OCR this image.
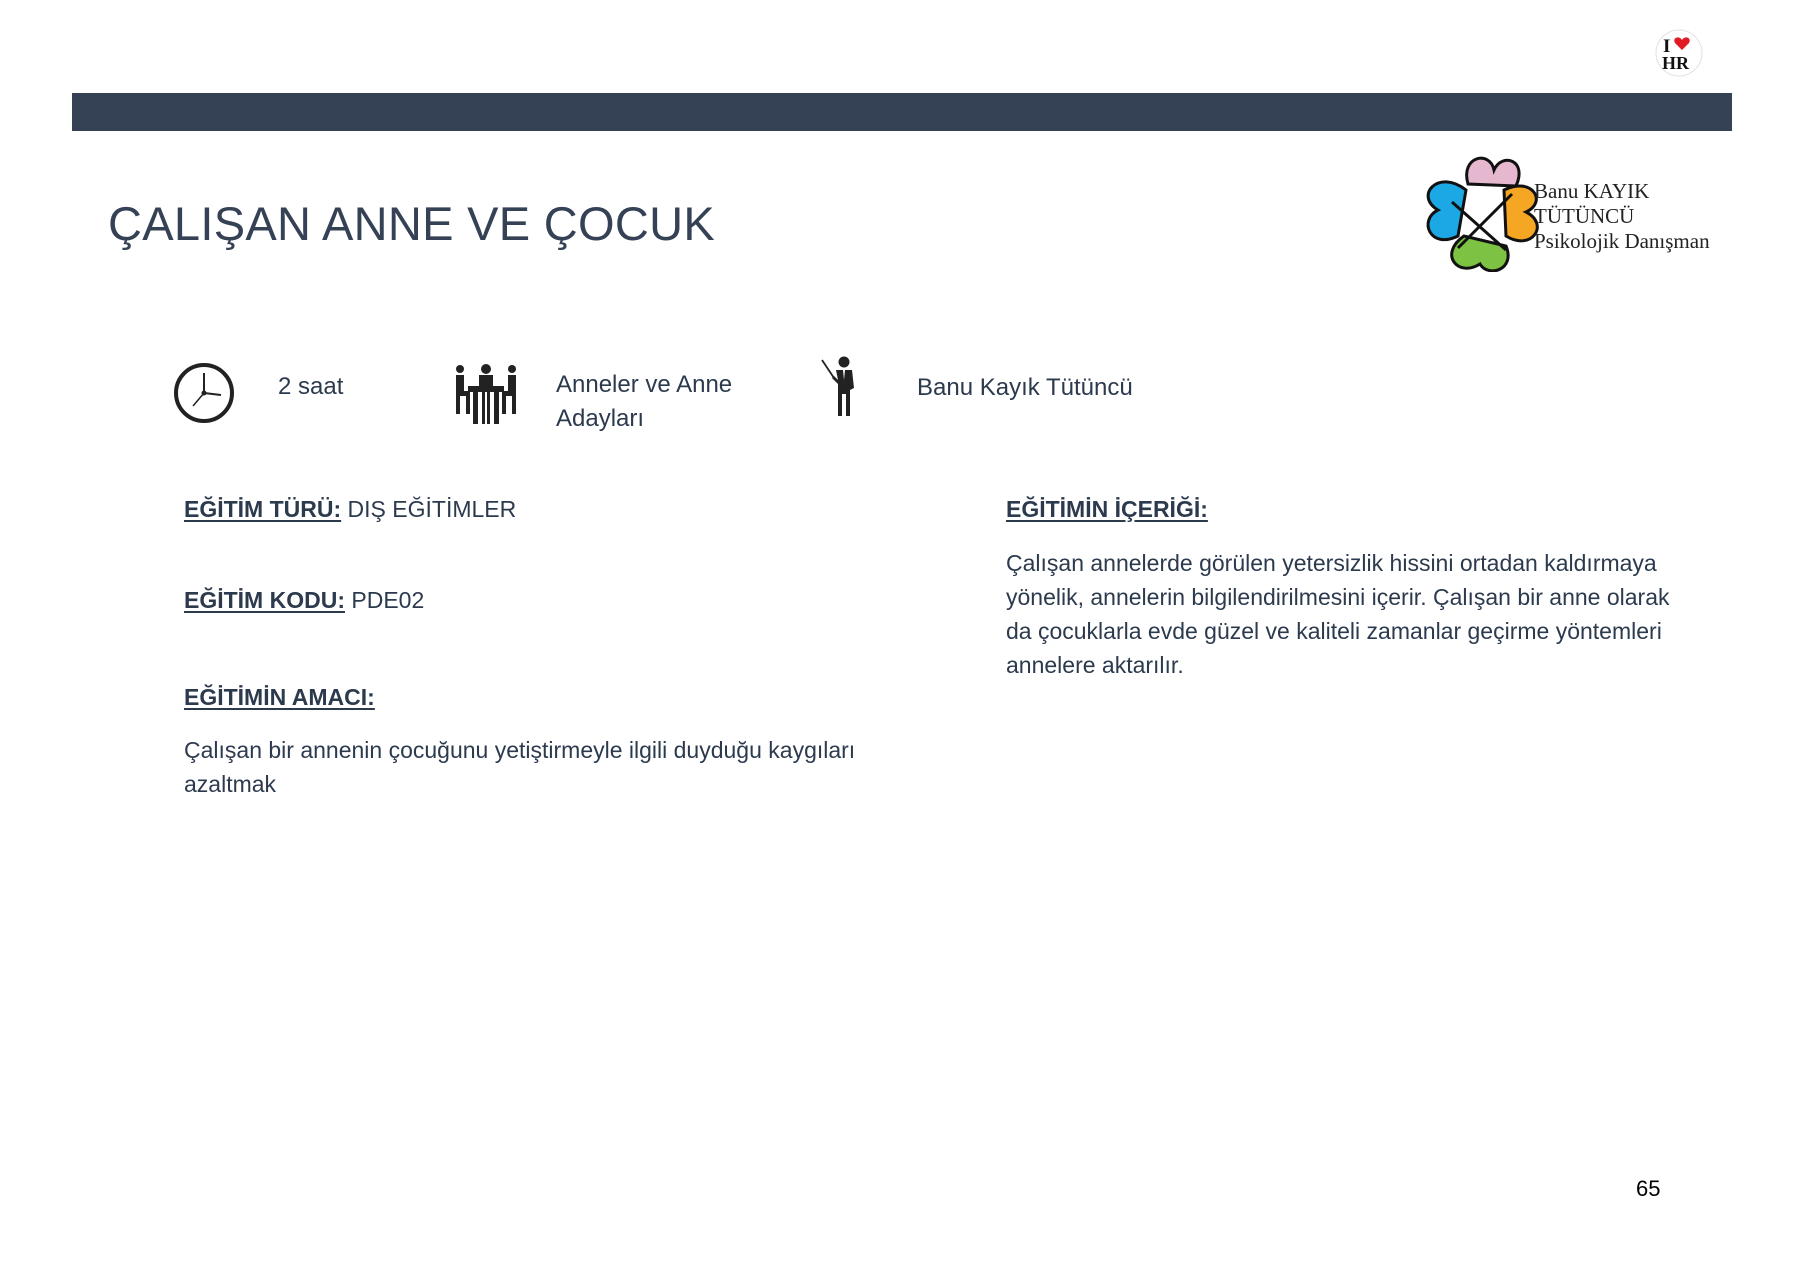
I
HR
Banu KAYIK
TÜTÜNCÜ
Psikolojik Danışman
ÇALIŞAN ANNE VE ÇOCUK
2 saat	Anneler ve Anne
Adayları
Banu Kayık Tütüncü
EĞİTİM TÜRÜ: DIŞ EĞİTİMLER
EĞİTİM KODU: PDE02
EĞİTİMİN AMACI:
Çalışan bir annenin çocuğunu yetiştirmeyle ilgili duyduğu kaygıları
azaltmak
EĞİTİMİN İÇERİĞİ:
Çalışan annelerde görülen yetersizlik hissini ortadan kaldırmaya
yönelik, annelerin bilgilendirilmesini içerir. Çalışan bir anne olarak
da çocuklarla evde güzel ve kaliteli zamanlar geçirme yöntemleri
annelere aktarılır.
65
